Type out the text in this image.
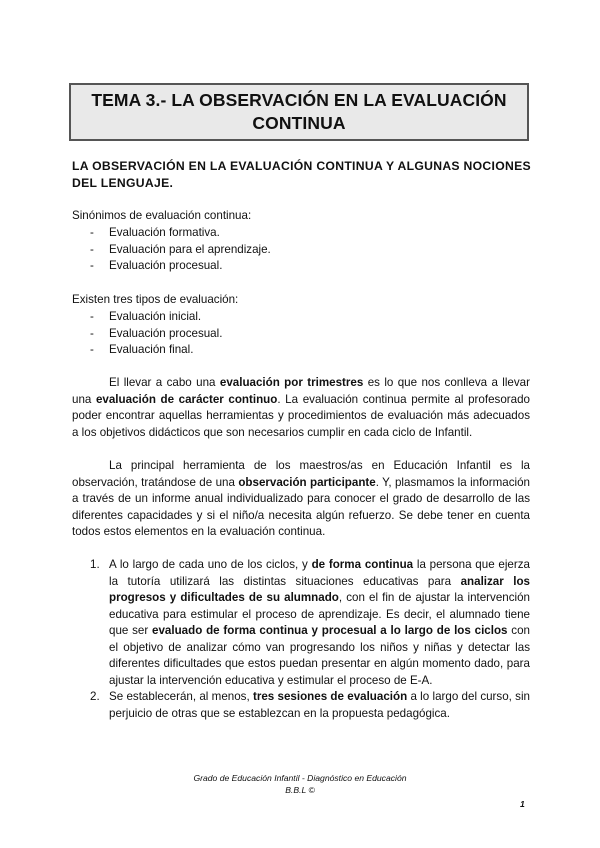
TEMA 3.- LA OBSERVACIÓN EN LA EVALUACIÓN CONTINUA
LA OBSERVACIÓN EN LA EVALUACIÓN CONTINUA Y ALGUNAS NOCIONES DEL LENGUAJE.
Sinónimos de evaluación continua:
- Evaluación formativa.
- Evaluación para el aprendizaje.
- Evaluación procesual.
Existen tres tipos de evaluación:
- Evaluación inicial.
- Evaluación procesual.
- Evaluación final.

El llevar a cabo una evaluación por trimestres es lo que nos conlleva a llevar una evaluación de carácter continuo. La evaluación continua permite al profesorado poder encontrar aquellas herramientas y procedimientos de evaluación más adecuados a los objetivos didácticos que son necesarios cumplir en cada ciclo de Infantil.

La principal herramienta de los maestros/as en Educación Infantil es la observación, tratándose de una observación participante. Y, plasmamos la información a través de un informe anual individualizado para conocer el grado de desarrollo de las diferentes capacidades y si el niño/a necesita algún refuerzo. Se debe tener en cuenta todos estos elementos en la evaluación continua.

1. A lo largo de cada uno de los ciclos, y de forma continua la persona que ejerza la tutoría utilizará las distintas situaciones educativas para analizar los progresos y dificultades de su alumnado, con el fin de ajustar la intervención educativa para estimular el proceso de aprendizaje. Es decir, el alumnado tiene que ser evaluado de forma continua y procesual a lo largo de los ciclos con el objetivo de analizar cómo van progresando los niños y niñas y detectar las diferentes dificultades que estos puedan presentar en algún momento dado, para ajustar la intervención educativa y estimular el proceso de E-A.
2. Se establecerán, al menos, tres sesiones de evaluación a lo largo del curso, sin perjuicio de otras que se establezcan en la propuesta pedagógica.
Grado de Educación Infantil - Diagnóstico en Educación
B.B.L ©
1
